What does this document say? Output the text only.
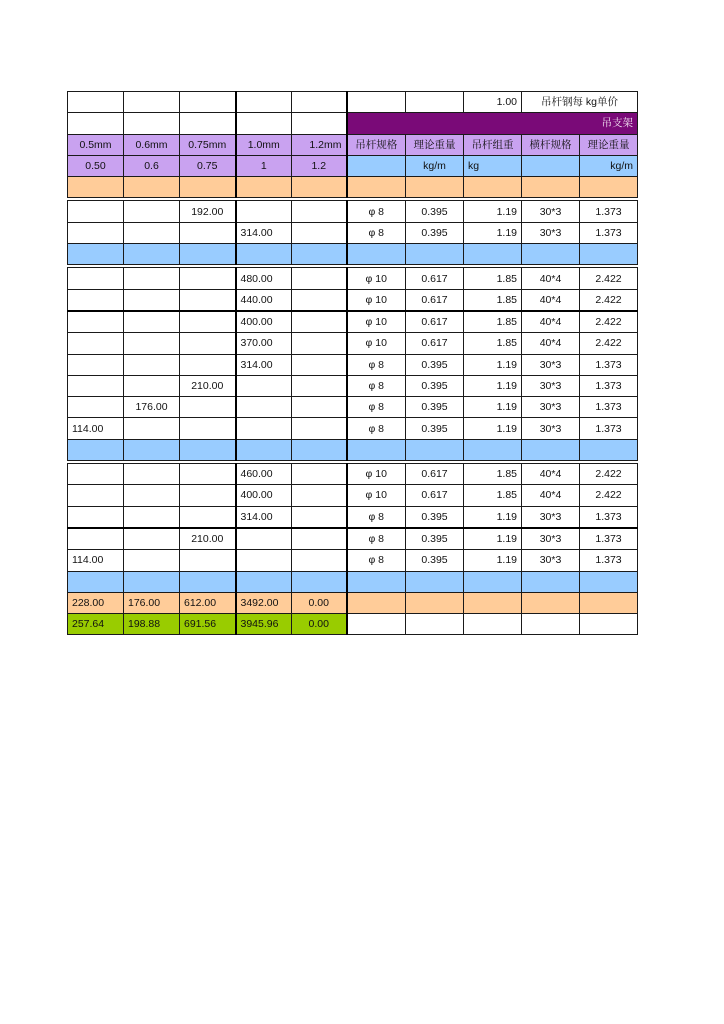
							1.00	吊杆钢每 kg单价	
					吊支架				
0.5mm	0.6mm	0.75mm	1.0mm	1.2mm	吊杆规格	理论重量	吊杆组重	横杆规格	理论重量
0.50	0.6	0.75	1	1.2		kg/m	kg		kg/m

		192.00			φ 8	0.395	1.19	30*3	1.373
			314.00		φ 8	0.395	1.19	30*3	1.373

			480.00		φ 10	0.617	1.85	40*4	2.422
			440.00		φ 10	0.617	1.85	40*4	2.422
			400.00		φ 10	0.617	1.85	40*4	2.422
			370.00		φ 10	0.617	1.85	40*4	2.422
			314.00		φ 8	0.395	1.19	30*3	1.373
		210.00			φ 8	0.395	1.19	30*3	1.373
	176.00				φ 8	0.395	1.19	30*3	1.373
114.00					φ 8	0.395	1.19	30*3	1.373

			460.00		φ 10	0.617	1.85	40*4	2.422
			400.00		φ 10	0.617	1.85	40*4	2.422
			314.00		φ 8	0.395	1.19	30*3	1.373
		210.00			φ 8	0.395	1.19	30*3	1.373
114.00					φ 8	0.395	1.19	30*3	1.373

228.00	176.00	612.00	3492.00	0.00					
257.64	198.88	691.56	3945.96	0.00					
